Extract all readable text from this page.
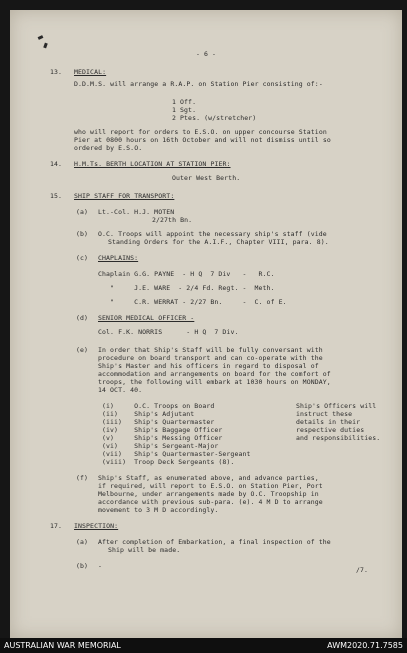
- 6 -
13. MEDICAL:
D.D.M.S. will arrange a R.A.P. on Station Pier consisting of:-
1 Off.
1 Sgt.
2 Ptes. (w/stretcher)
who will report for orders to E.S.O. on upper concourse Station
Pier at 0800 hours on 16th October and will not dismiss until so
ordered by E.S.O.
14. H.M.Ts. BERTH LOCATION AT STATION PIER:
Outer West Berth.
15. SHIP STAFF FOR TRANSPORT:
(a) Lt.-Col. H.J. MOTEN
2/27th Bn.
(b) O.C. Troops will appoint the necessary ship's staff (vide
Standing Orders for the A.I.F., Chapter VIII, para. 8).
(c) CHAPLAINS:
Chaplain G.G. PAYNE  - H Q  7 Div   -   R.C.
"     J.E. WARE  - 2/4 Fd. Regt. -  Meth.
"     C.R. WERRAT - 2/27 Bn.     -  C. of E.
(d) SENIOR MEDICAL OFFICER -
Col. F.K. NORRIS      - H Q  7 Div.
(e) In order that Ship's Staff will be fully conversant with
procedure on board transport and can co-operate with the
Ship's Master and his officers in regard to disposal of
accommodation and arrangements on board for the comfort of
troops, the following will embark at 1030 hours on MONDAY,
14 OCT. 40.
(i)     O.C. Troops on Board
(ii)    Ship's Adjutant
(iii)   Ship's Quartermaster
(iv)    Ship's Baggage Officer
(v)     Ship's Messing Officer
(vi)    Ship's Sergeant-Major
(vii)   Ship's Quartermaster-Sergeant
(viii)  Troop Deck Sergeants (8).
Ship's Officers will
instruct these
details in their
respective duties
and responsibilities.
(f) Ship's Staff, as enumerated above, and advance parties,
if required, will report to E.S.O. on Station Pier, Port
Melbourne, under arrangements made by O.C. Troopship in
accordance with previous sub-para. (e). 4 M D to arrange
movement to 3 M D accordingly.
17. INSPECTION:
(a) After completion of Embarkation, a final inspection of the
Ship will be made.
(b) -	/7.
AUSTRALIAN WAR MEMORIAL	AWM2020.71.7585
